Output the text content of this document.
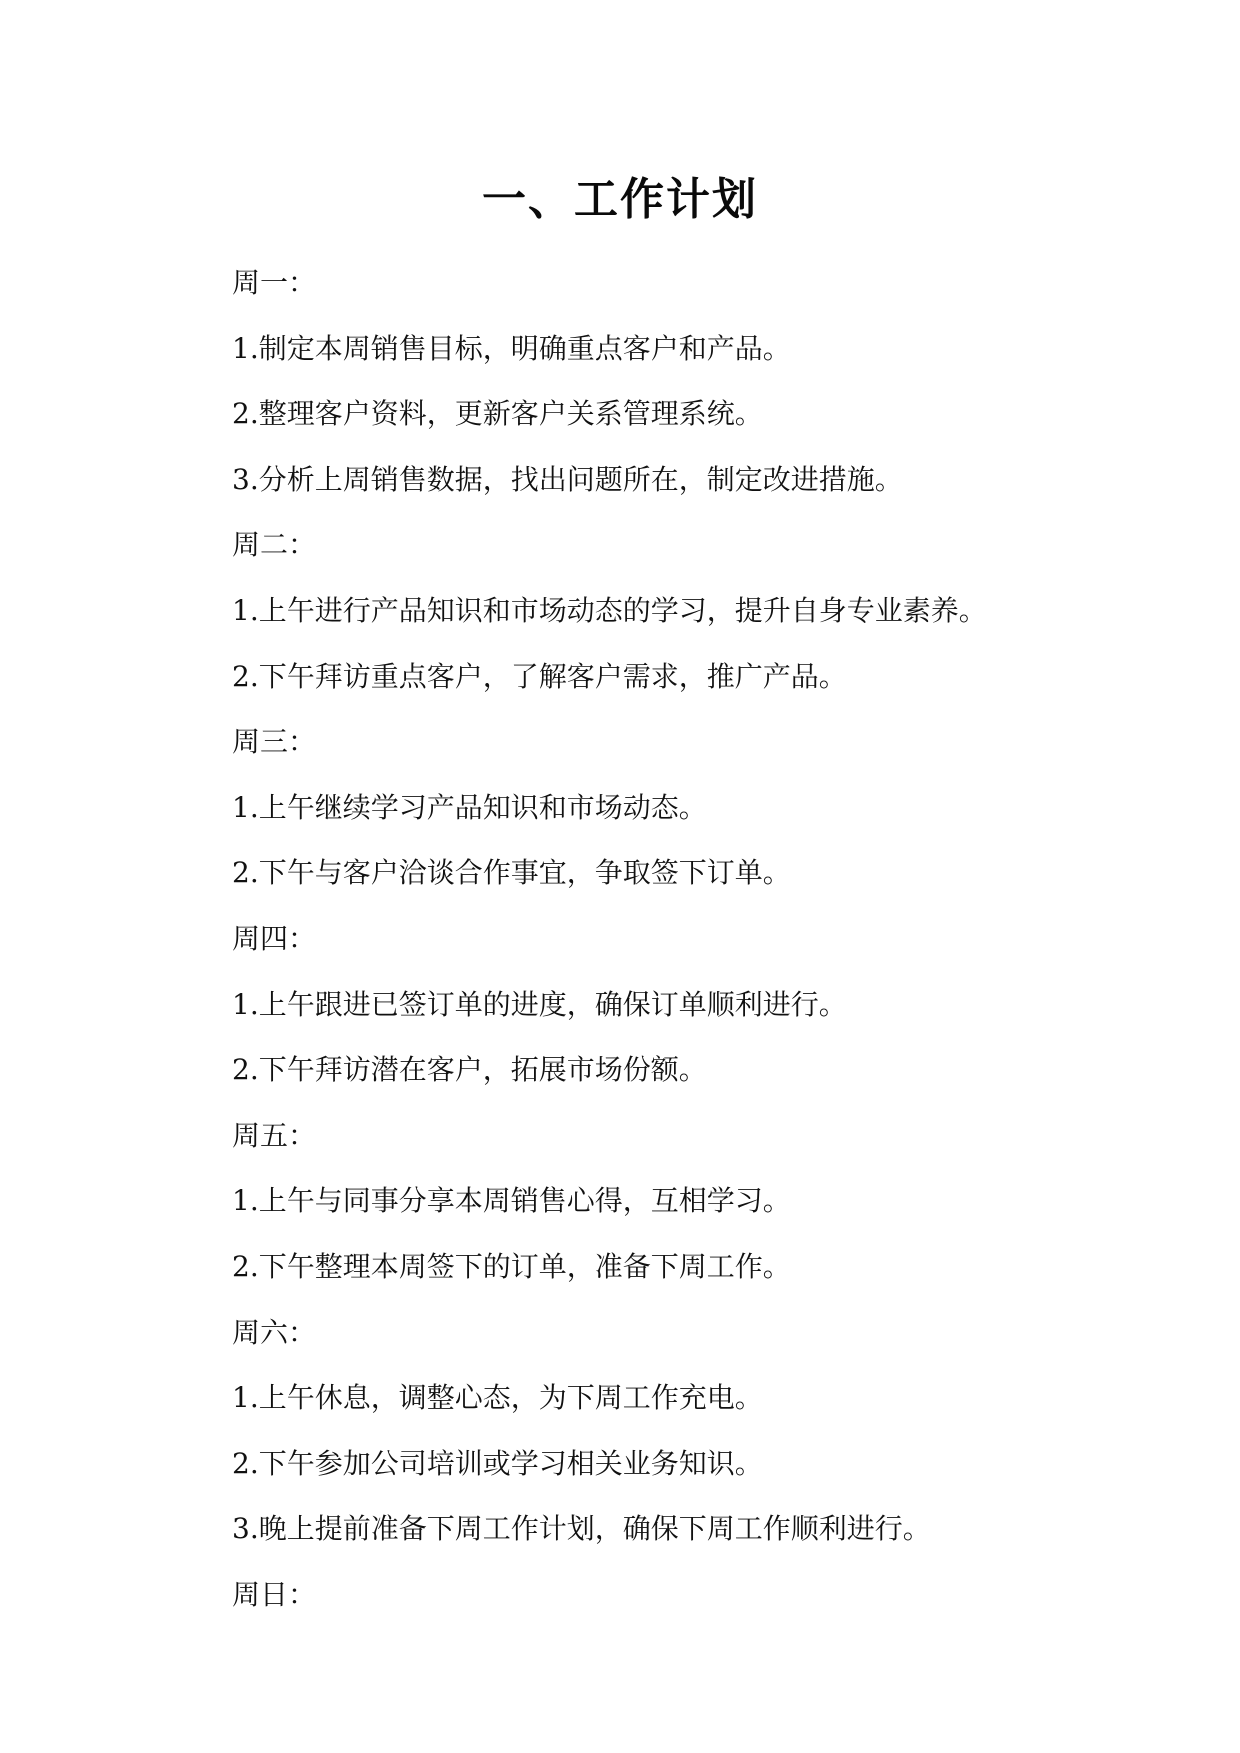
一、工作计划
周一：
1.制定本周销售目标，明确重点客户和产品。
2.整理客户资料，更新客户关系管理系统。
3.分析上周销售数据，找出问题所在，制定改进措施。
周二：
1.上午进行产品知识和市场动态的学习，提升自身专业素养。
2.下午拜访重点客户，了解客户需求，推广产品。
周三：
1.上午继续学习产品知识和市场动态。
2.下午与客户洽谈合作事宜，争取签下订单。
周四：
1.上午跟进已签订单的进度，确保订单顺利进行。
2.下午拜访潜在客户，拓展市场份额。
周五：
1.上午与同事分享本周销售心得，互相学习。
2.下午整理本周签下的订单，准备下周工作。
周六：
1.上午休息，调整心态，为下周工作充电。
2.下午参加公司培训或学习相关业务知识。
3.晚上提前准备下周工作计划，确保下周工作顺利进行。
周日：
